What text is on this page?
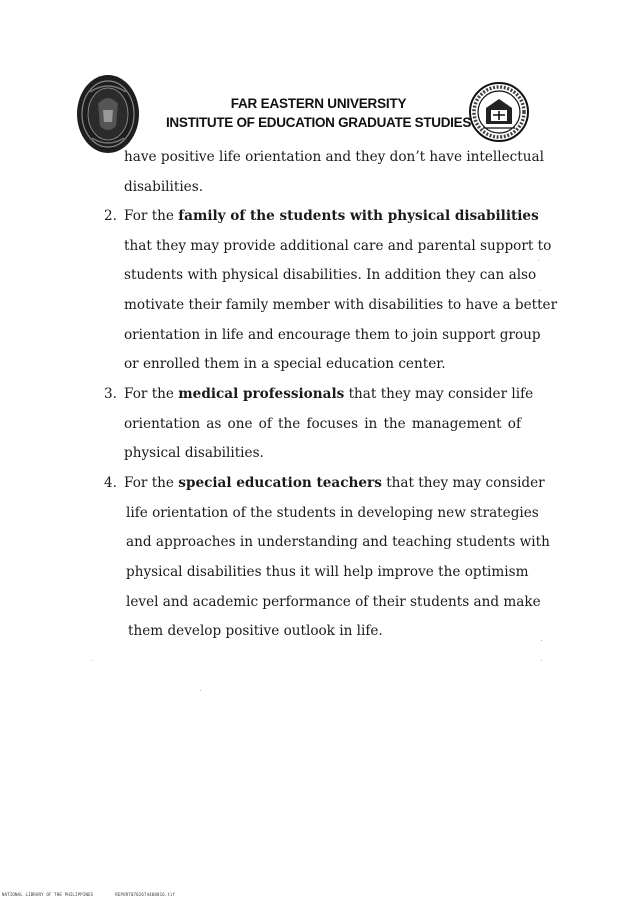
FAR EASTERN UNIVERSITY
INSTITUTE OF EDUCATION GRADUATE STUDIES
have positive life orientation and they don’t have intellectual
disabilities.
2. For the family of the students with physical disabilities
that they may provide additional care and parental support to
students with physical disabilities. In addition they can also
motivate their family member with disabilities to have a better
orientation in life and encourage them to join support group
or enrolled them in a special education center.
3. For the medical professionals that they may consider life
orientation as one of the focuses in the management of
physical disabilities.
4. For the special education teachers that they may consider
life orientation of the students in developing new strategies
and approaches in understanding and teaching students with
physical disabilities thus it will help improve the optimism
level and academic performance of their students and make
them develop positive outlook in life.
NATIONAL LIBRARY OF THE PHILIPPINES	REPORT0782674408816.tif
